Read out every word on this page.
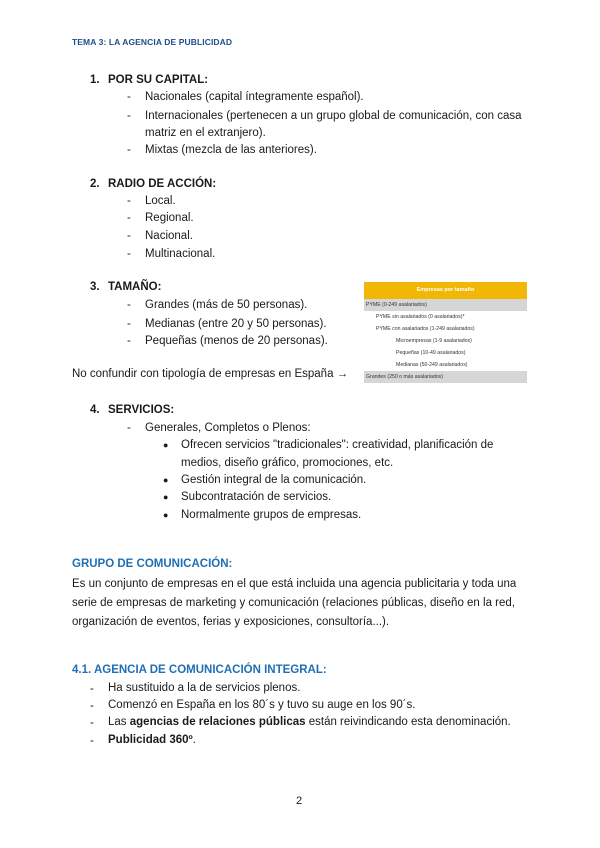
TEMA 3: LA AGENCIA DE PUBLICIDAD
1. POR SU CAPITAL:
- Nacionales (capital íntegramente español).
- Internacionales (pertenecen a un grupo global de comunicación, con casa
matriz en el extranjero).
- Mixtas (mezcla de las anteriores).
2. RADIO DE ACCIÓN:
- Local.
- Regional.
- Nacional.
- Multinacional.
3. TAMAÑO:
- Grandes (más de 50 personas).
- Medianas (entre 20 y 50 personas).
- Pequeñas (menos de 20 personas).
No confundir con tipología de empresas en España →
Empresas por tamaño
PYME (0-249 asalariados)
PYME sin asalariados (0 asalariados)*
PYME con asalariados (1-249 asalariados)
Microempresas (1-9 asalariados)
Pequeñas (10-49 asalariados)
Medianas (50-249 asalariados)
Grandes (250 o más asalariados)
4. SERVICIOS:
- Generales, Completos o Plenos:
● Ofrecen servicios "tradicionales": creatividad, planificación de
medios, diseño gráfico, promociones, etc.
● Gestión integral de la comunicación.
● Subcontratación de servicios.
● Normalmente grupos de empresas.
GRUPO DE COMUNICACIÓN:
Es un conjunto de empresas en el que está incluida una agencia publicitaria y toda una
serie de empresas de marketing y comunicación (relaciones públicas, diseño en la red,
organización de eventos, ferias y exposiciones, consultoría...).
4.1. AGENCIA DE COMUNICACIÓN INTEGRAL:
- Ha sustituido a la de servicios plenos.
- Comenzó en España en los 80´s y tuvo su auge en los 90´s.
- Las agencias de relaciones públicas están reivindicando esta denominación.
- Publicidad 360º.
2
